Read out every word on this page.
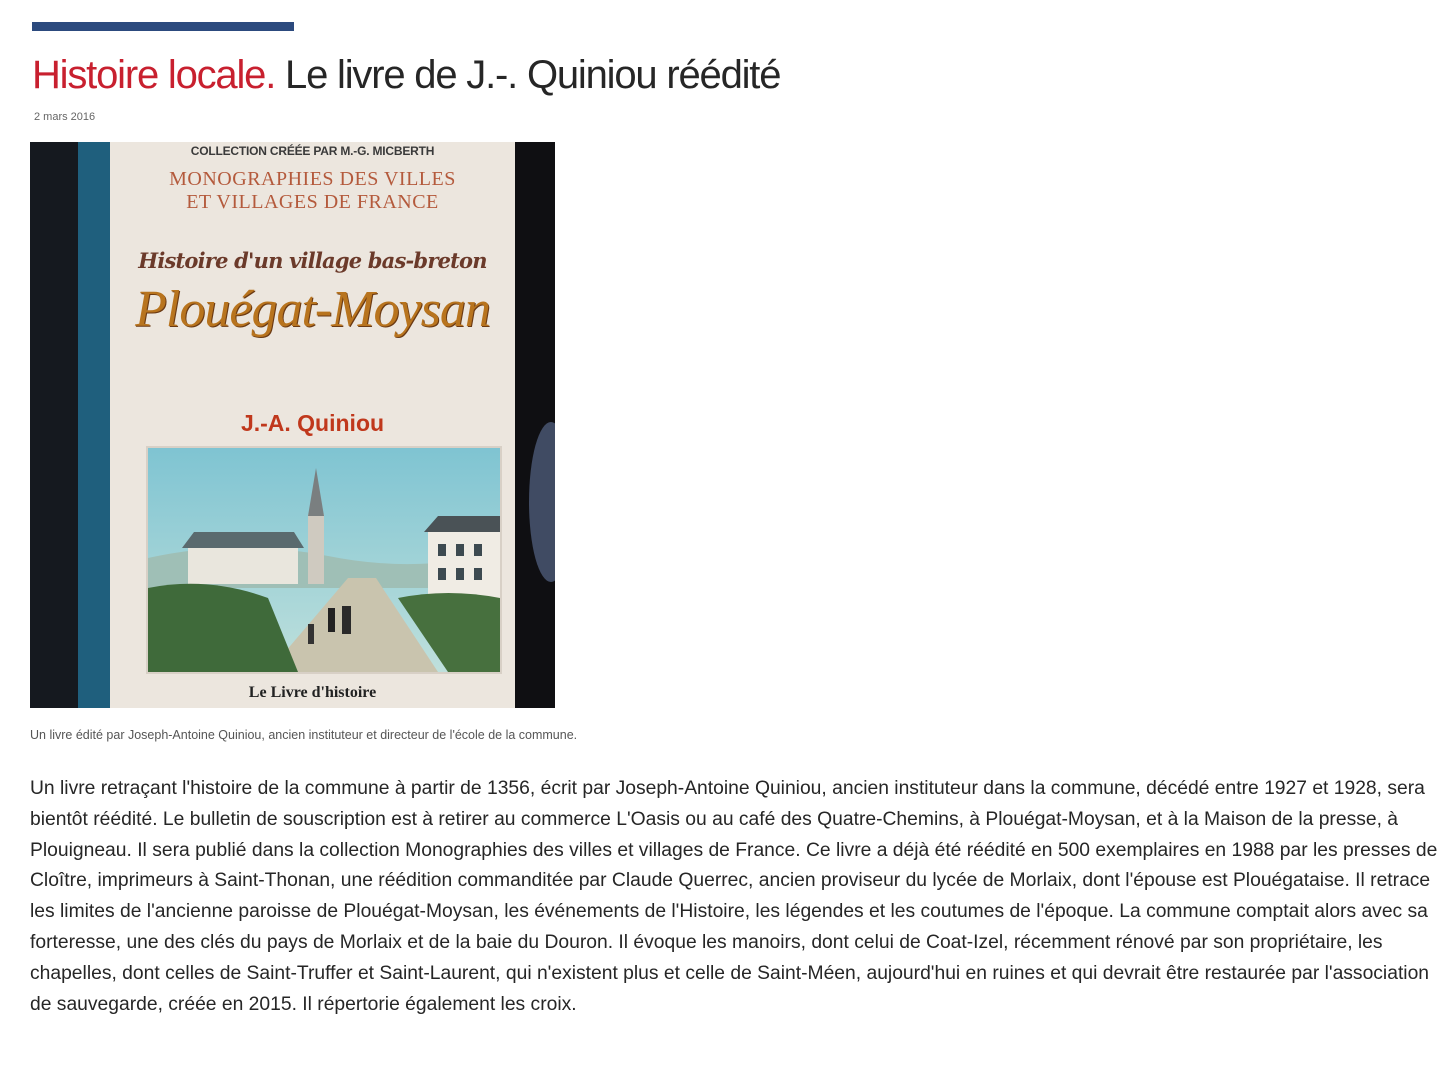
Histoire locale. Le livre de J.-. Quiniou réédité
2 mars 2016
COLLECTION CRÉÉE PAR M.-G. MICBERTH
MONOGRAPHIES DES VILLES
ET VILLAGES DE FRANCE
Histoire d'un village bas-breton
Plouégat-Moysan
J.-A. Quiniou
Le Livre d'histoire
Un livre édité par Joseph-Antoine Quiniou, ancien instituteur et directeur de l'école de la commune.

Un livre retraçant l'histoire de la commune à partir de 1356, écrit par Joseph-Antoine Quiniou, ancien instituteur dans la commune, décédé entre 1927 et 1928, sera bientôt réédité. Le bulletin de souscription est à retirer au commerce L'Oasis ou au café des Quatre-Chemins, à Plouégat-Moysan, et à la Maison de la presse, à Plouigneau. Il sera publié dans la collection Monographies des villes et villages de France. Ce livre a déjà été réédité en 500 exemplaires en 1988 par les presses de Cloître, imprimeurs à Saint-Thonan, une réédition commanditée par Claude Querrec, ancien proviseur du lycée de Morlaix, dont l'épouse est Plouégataise. Il retrace les limites de l'ancienne paroisse de Plouégat-Moysan, les événements de l'Histoire, les légendes et les coutumes de l'époque. La commune comptait alors avec sa forteresse, une des clés du pays de Morlaix et de la baie du Douron. Il évoque les manoirs, dont celui de Coat-Izel, récemment rénové par son propriétaire, les chapelles, dont celles de Saint-Truffer et Saint-Laurent, qui n'existent plus et celle de Saint-Méen, aujourd'hui en ruines et qui devrait être restaurée par l'association de sauvegarde, créée en 2015. Il répertorie également les croix.
